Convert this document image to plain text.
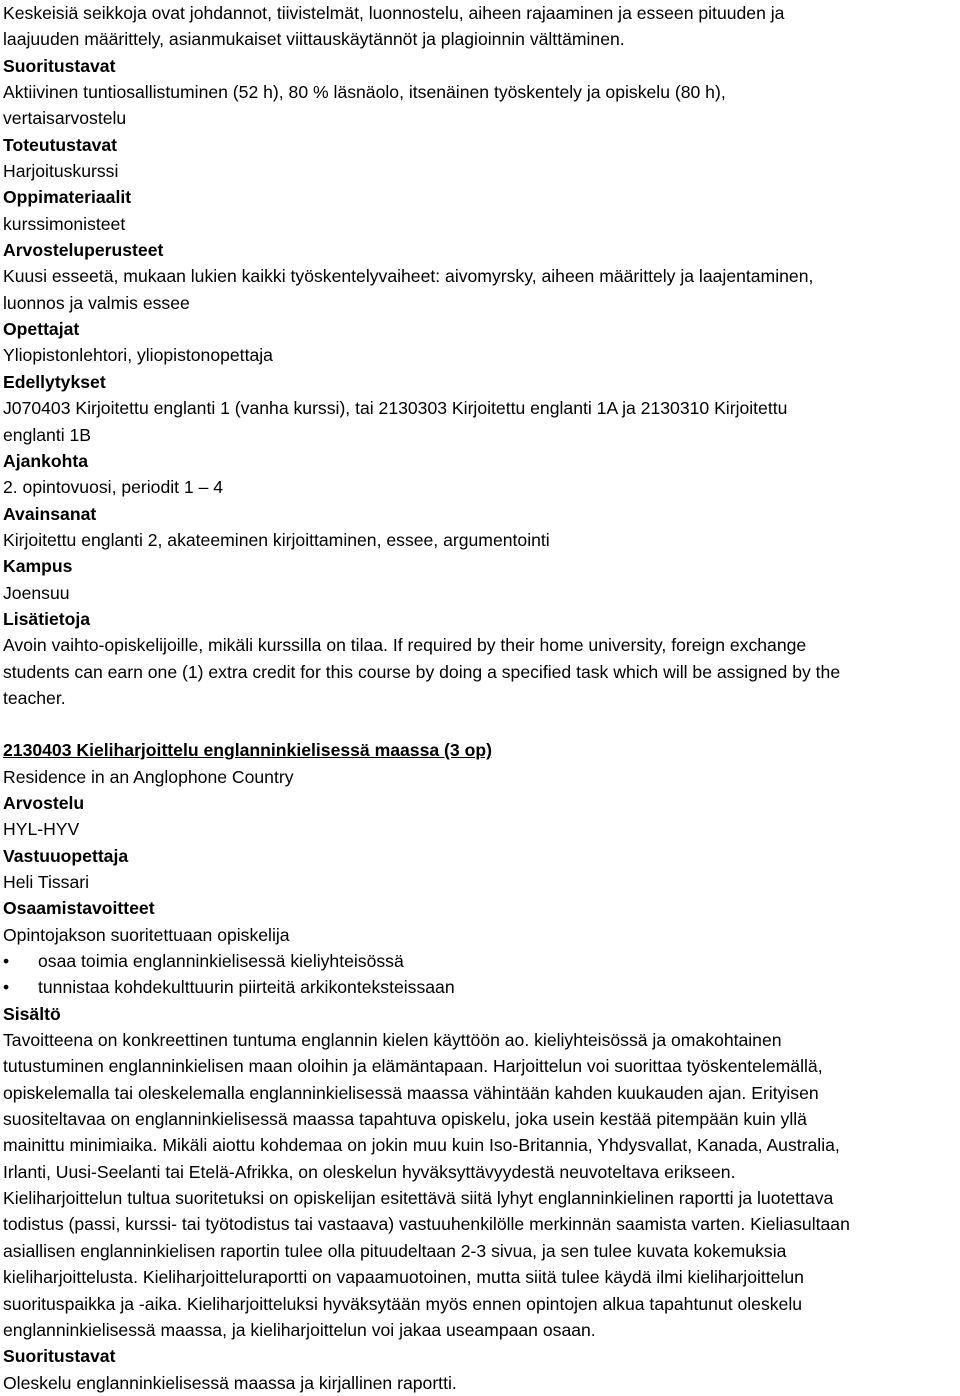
Keskeisiä seikkoja ovat johdannot, tiivistelmät, luonnostelu, aiheen rajaaminen ja esseen pituuden ja
laajuuden määrittely, asianmukaiset viittauskäytännöt ja plagioinnin välttäminen.
Suoritustavat
Aktiivinen tuntiosallistuminen (52 h), 80 % läsnäolo, itsenäinen työskentely ja opiskelu (80 h),
vertaisarvostelu
Toteutustavat
Harjoituskurssi
Oppimateriaalit
kurssimonisteet
Arvosteluperusteet
Kuusi esseetä, mukaan lukien kaikki työskentelyvaiheet: aivomyrsky, aiheen määrittely ja laajentaminen,
luonnos ja valmis essee
Opettajat
Yliopistonlehtori, yliopistonopettaja
Edellytykset
J070403 Kirjoitettu englanti 1 (vanha kurssi), tai 2130303 Kirjoitettu englanti 1A ja 2130310 Kirjoitettu
englanti 1B
Ajankohta
2. opintovuosi, periodit 1 – 4
Avainsanat
Kirjoitettu englanti 2, akateeminen kirjoittaminen, essee, argumentointi
Kampus
Joensuu
Lisätietoja
Avoin vaihto-opiskelijoille, mikäli kurssilla on tilaa. If required by their home university, foreign exchange
students can earn one (1) extra credit for this course by doing a specified task which will be assigned by the
teacher.
2130403 Kieliharjoittelu englanninkielisessä maassa (3 op)
Residence in an Anglophone Country
Arvostelu
HYL-HYV
Vastuuopettaja
Heli Tissari
Osaamistavoitteet
Opintojakson suoritettuaan opiskelija
•	osaa toimia englanninkielisessä kieliyhteisössä
•	tunnistaa kohdekulttuurin piirteitä arkikonteksteissaan
Sisältö
Tavoitteena on konkreettinen tuntuma englannin kielen käyttöön ao. kieliyhteisössä ja omakohtainen
tutustuminen englanninkielisen maan oloihin ja elämäntapaan. Harjoittelun voi suorittaa työskentelemällä,
opiskelemalla tai oleskelemalla englanninkielisessä maassa vähintään kahden kuukauden ajan. Erityisen
suositeltavaa on englanninkielisessä maassa tapahtuva opiskelu, joka usein kestää pitempään kuin yllä
mainittu minimiaika. Mikäli aiottu kohdemaa on jokin muu kuin Iso-Britannia, Yhdysvallat, Kanada, Australia,
Irlanti, Uusi-Seelanti tai Etelä-Afrikka, on oleskelun hyväksyttävyydestä neuvoteltava erikseen.
Kieliharjoittelun tultua suoritetuksi on opiskelijan esitettävä siitä lyhyt englanninkielinen raportti ja luotettava
todistus (passi, kurssi- tai työtodistus tai vastaava) vastuuhenkilölle merkinnän saamista varten. Kieliasultaan
asiallisen englanninkielisen raportin tulee olla pituudeltaan 2-3 sivua, ja sen tulee kuvata kokemuksia
kieliharjoittelusta. Kieliharjoitteluraportti on vapaamuotoinen, mutta siitä tulee käydä ilmi kieliharjoittelun
suorituspaikka ja -aika. Kieliharjoitteluksi hyväksytään myös ennen opintojen alkua tapahtunut oleskelu
englanninkielisessä maassa, ja kieliharjoittelun voi jakaa useampaan osaan.
Suoritustavat
Oleskelu englanninkielisessä maassa ja kirjallinen raportti.
